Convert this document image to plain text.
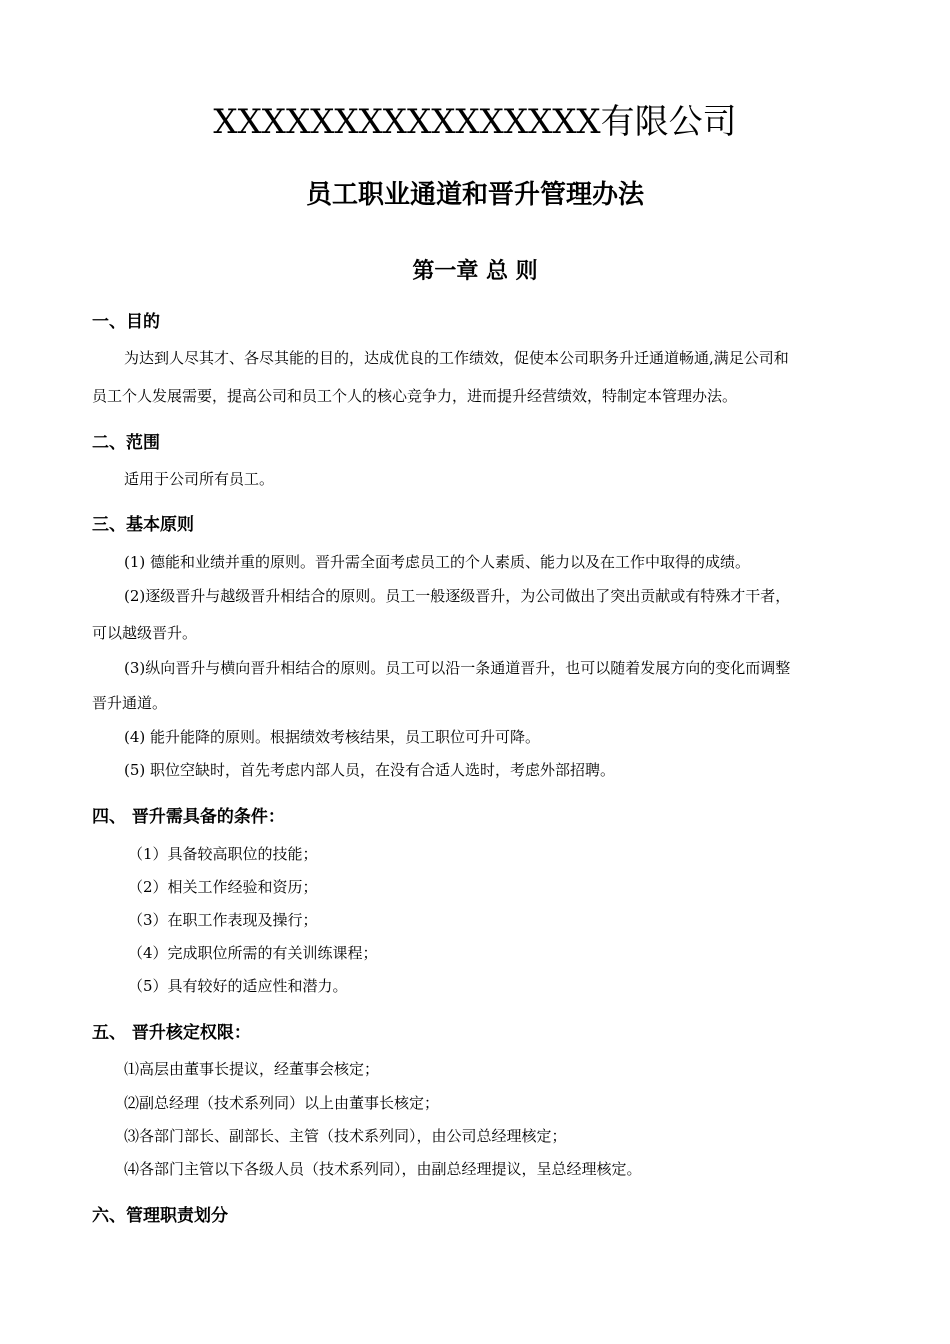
XXXXXXXXXXXXXXXX有限公司
员工职业通道和晋升管理办法
第一章 总 则
一、目的
为达到人尽其才、各尽其能的目的，达成优良的工作绩效，促使本公司职务升迁通道畅通,满足公司和
员工个人发展需要，提高公司和员工个人的核心竞争力，进而提升经营绩效，特制定本管理办法。
二、范围
适用于公司所有员工。
三、基本原则
(1) 德能和业绩并重的原则。晋升需全面考虑员工的个人素质、能力以及在工作中取得的成绩。
(2)逐级晋升与越级晋升相结合的原则。员工一般逐级晋升，为公司做出了突出贡献或有特殊才干者，
可以越级晋升。
(3)纵向晋升与横向晋升相结合的原则。员工可以沿一条通道晋升，也可以随着发展方向的变化而调整
晋升通道。
(4) 能升能降的原则。根据绩效考核结果，员工职位可升可降。
(5) 职位空缺时，首先考虑内部人员，在没有合适人选时，考虑外部招聘。
四、 晋升需具备的条件：
（1）具备较高职位的技能；
（2）相关工作经验和资历；
（3）在职工作表现及操行；
（4）完成职位所需的有关训练课程；
（5）具有较好的适应性和潜力。
五、 晋升核定权限：
⑴高层由董事长提议，经董事会核定；
⑵副总经理（技术系列同）以上由董事长核定；
⑶各部门部长、副部长、主管（技术系列同），由公司总经理核定；
⑷各部门主管以下各级人员（技术系列同），由副总经理提议，呈总经理核定。
六、管理职责划分
